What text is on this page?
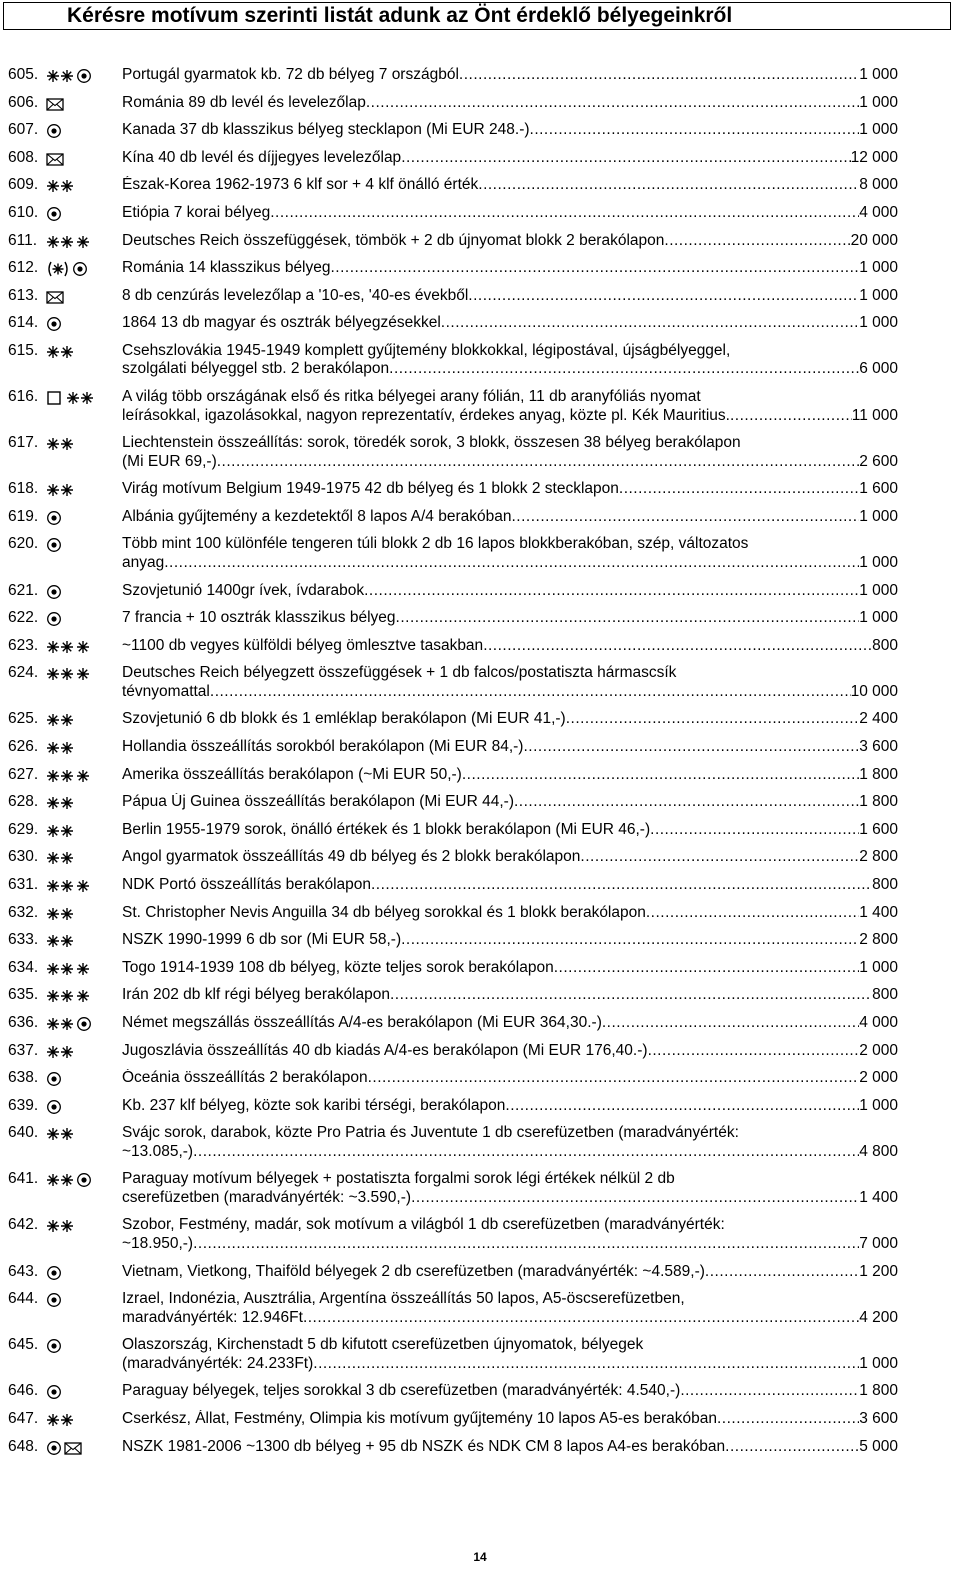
Kérésre motívum szerinti listát adunk az Önt érdeklő bélyegeinkről
605.	Portugál gyarmatok kb. 72 db bélyeg 7 országból .....	1 000
606.	Románia 89 db levél és levelezőlap .....	1 000
607.	Kanada 37 db klasszikus bélyeg stecklapon (Mi EUR 248.-) .....	1 000
608.	Kína 40 db levél és díjjegyes levelezőlap .....	12 000
609.	Észak-Korea 1962-1973 6 klf sor + 4 klf önálló érték .....	8 000
610.	Etiópia 7 korai bélyeg .....	4 000
611.	Deutsches Reich összefüggések, tömbök + 2 db újnyomat blokk 2 berakólapon .....	20 000
612.	Románia 14 klasszikus bélyeg .....	1 000
613.	8 db cenzúrás levelezőlap a '10-es, '40-es évekből .....	1 000
614.	1864 13 db magyar és osztrák bélyegzésekkel .....	1 000
615.	Csehszlovákia 1945-1949 komplett gyűjtemény blokkokkal, légipostával, újságbélyeggel,
szolgálati bélyeggel stb. 2 berakólapon .....	6 000
616.	A világ több országának első és ritka bélyegei arany fólián, 11 db aranyfóliás nyomat
leírásokkal, igazolásokkal, nagyon reprezentatív, érdekes anyag, közte pl. Kék Mauritius. .....	11 000
617.	Liechtenstein összeállítás: sorok, töredék sorok, 3 blokk, összesen 38 bélyeg berakólapon
(Mi EUR 69,-) .....	2 600
618.	Virág motívum Belgium 1949-1975 42 db bélyeg és 1 blokk 2 stecklapon .....	1 600
619.	Albánia gyűjtemény a kezdetektől 8 lapos A/4 berakóban .....	1 000
620.	Több mint 100 különféle tengeren túli blokk 2 db 16 lapos blokkberakóban, szép, változatos
anyag .....	1 000
621.	Szovjetunió 1400gr ívek, ívdarabok .....	1 000
622.	7 francia + 10 osztrák klasszikus bélyeg .....	1 000
623.	~1100 db vegyes külföldi bélyeg ömlesztve tasakban .....	800
624.	Deutsches Reich bélyegzett összefüggések + 1 db falcos/postatiszta hármascsík
tévnyomattal .....	10 000
625.	Szovjetunió 6 db blokk és 1 emléklap berakólapon (Mi EUR 41,-) .....	2 400
626.	Hollandia összeállítás sorokból berakólapon (Mi EUR 84,-) .....	3 600
627.	Amerika összeállítás berakólapon (~Mi EUR 50,-) .....	1 800
628.	Pápua Új Guinea összeállítás berakólapon (Mi EUR 44,-) .....	1 800
629.	Berlin 1955-1979 sorok, önálló értékek és 1 blokk berakólapon (Mi EUR 46,-) .....	1 600
630.	Angol gyarmatok összeállítás 49 db bélyeg és 2 blokk berakólapon .....	2 800
631.	NDK Portó összeállítás berakólapon .....	800
632.	St. Christopher Nevis Anguilla 34 db bélyeg sorokkal és 1 blokk berakólapon .....	1 400
633.	NSZK 1990-1999 6 db sor (Mi EUR 58,-) .....	2 800
634.	Togo 1914-1939 108 db bélyeg, közte teljes sorok berakólapon .....	1 000
635.	Irán 202 db klf régi bélyeg berakólapon .....	800
636.	Német megszállás összeállítás A/4-es berakólapon (Mi EUR 364,30.-) .....	4 000
637.	Jugoszlávia összeállítás 40 db kiadás A/4-es berakólapon (Mi EUR 176,40.-) .....	2 000
638.	Óceánia összeállítás 2 berakólapon .....	2 000
639.	Kb. 237 klf bélyeg, közte sok karibi térségi, berakólapon .....	1 000
640.	Svájc sorok, darabok, közte Pro Patria és Juventute 1 db cserefüzetben (maradványérték:
~13.085,-) .....	4 800
641.	Paraguay motívum bélyegek + postatiszta forgalmi sorok légi értékek nélkül 2 db
cserefüzetben (maradványérték: ~3.590,-) .....	1 400
642.	Szobor, Festmény, madár, sok motívum a világból 1 db cserefüzetben (maradványérték:
~18.950,-) .....	7 000
643.	Vietnam, Vietkong, Thaiföld bélyegek 2 db cserefüzetben (maradványérték: ~4.589,-) .....	1 200
644.	Izrael, Indonézia, Ausztrália, Argentína összeállítás 50 lapos, A5-öscserefüzetben,
maradványérték: 12.946Ft .....	4 200
645.	Olaszország, Kirchenstadt 5 db kifutott cserefüzetben újnyomatok, bélyegek
(maradványérték: 24.233Ft) .....	1 000
646.	Paraguay bélyegek, teljes sorokkal 3 db cserefüzetben (maradványérték: 4.540,-) .....	1 800
647.	Cserkész, Állat, Festmény, Olimpia kis motívum gyűjtemény 10 lapos A5-es berakóban .....	3 600
648.	NSZK 1981-2006 ~1300 db bélyeg + 95 db NSZK és NDK CM 8 lapos A4-es berakóban .....	5 000
14
